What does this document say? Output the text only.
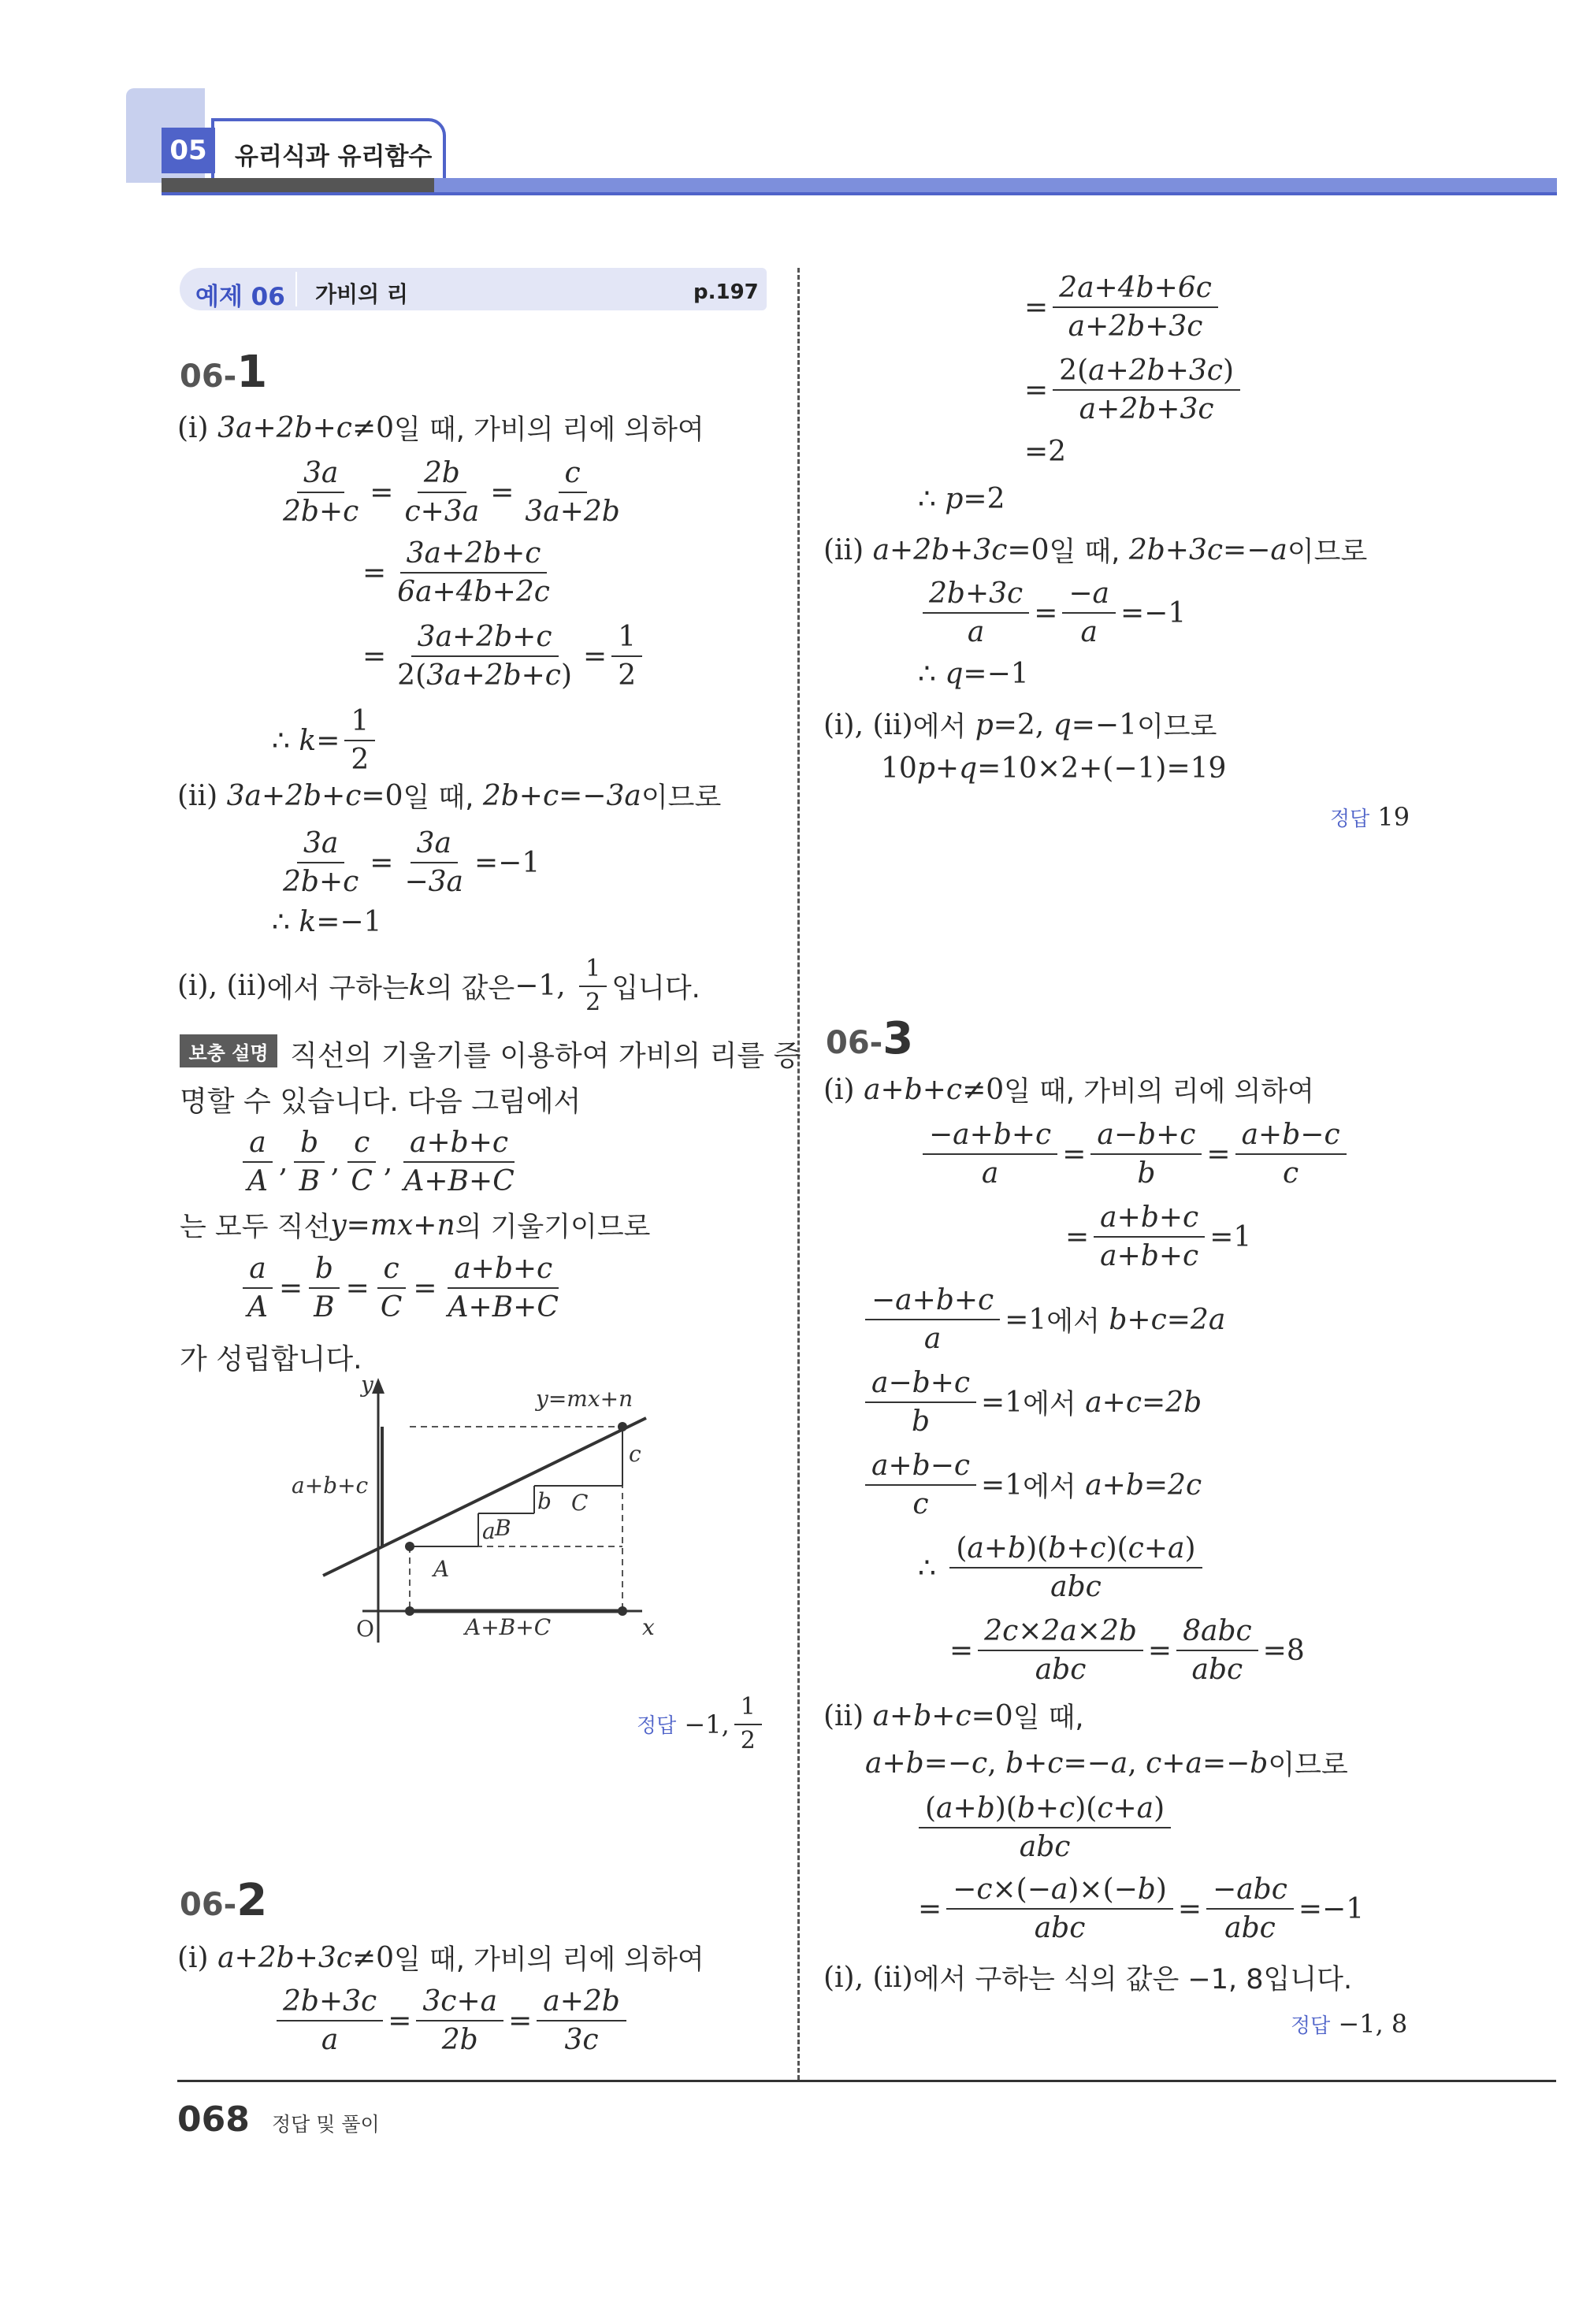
05	유리식과 유리함수
예제 06 가비의 리	p.197
06-1
(ⅰ)
3a + 2b + c ≠0 일 때, 가비의 리에 의하여
$\frac{3a}{2b+c} = \frac{2b}{c+3a} = \frac{c}{3a+2b}$
= $\frac{3a+2b+c}{6a+4b+2c}$
= $\frac{3a+2b+c}{2(3a+2b+c)} = \frac{1}{2}$
∴
$k = \frac{1}{2}$
(ⅱ)
3a + 2b + c =0 일 때,
2b + c =− 3a 이므로
$\frac{3a}{2b+c} = \frac{3a}{-3a} =-1$
∴
k =−1
(ⅰ), (ⅱ) 에서 구하는 k 의 값은 −1, $\frac{1}{2}$ 입니다.
보충 설명 직선의 기울기를 이용하여 가비의 리를 증
명할 수 있습니다. 다음 그림에서
$\frac{a}{A}$ , $\frac{b}{B}$ , $\frac{c}{C}$ , $\frac{a+b+c}{A+B+C}$
는 모두 직선 y = mx + n 의 기울기이므로
$\frac{a}{A} = \frac{b}{B} = \frac{c}{C} = \frac{a+b+c}{A+B+C}$
가 성립합니다.
y
x
O
y=mx+n
a+b+c
A+B+C
A
a B
b C
c
정답
−1, $\frac{1}{2}$
06-2
(ⅰ)
a + 2b + 3c ≠0 일 때, 가비의 리에 의하여
$\frac{2b+3c}{a} = \frac{3c+a}{2b} = \frac{a+2b}{3c}$
= $\frac{2a+4b+6c}{a+2b+3c}$
= $\frac{2(a+2b+3c)}{a+2b+3c}$
=2
∴
p =2
(ⅱ)
a + 2b + 3c =0 일 때,
2b + 3c =− a 이므로
$\frac{2b+3c}{a} = \frac{-a}{a} =-1$
∴
q =−1
(ⅰ), (ⅱ) 에서
p =2, q =−1 이므로
10 p + q =10×2+(−1)=19
정답
19
06-3
(ⅰ)
a + b + c ≠0 일 때, 가비의 리에 의하여
$\frac{-a+b+c}{a} = \frac{a-b+c}{b} = \frac{a+b-c}{c}$
= $\frac{a+b+c}{a+b+c} =1$
$\frac{-a+b+c}{a} =1$ 에서
b + c = 2a
$\frac{a-b+c}{b} =1$ 에서
a + c = 2b
$\frac{a+b-c}{c} =1$ 에서
a + b = 2c
∴
$\frac{(a+b)(b+c)(c+a)}{\text{abc}}$
= $\frac{2c\times 2a\times 2b}{\text{abc}} = \frac{\text{8abc}}{\text{abc}} =8$
(ⅱ)
a + b + c =0 일 때,
a + b =− c , b + c =− a , c + a =− b 이므로
$\frac{(a+b)(b+c)(c+a)}{\text{abc}}$
= $\frac{-c\times(-a)\times(-b)}{\text{abc}} = \frac{\text{−abc}}{\text{abc}} =-1$
(ⅰ), (ⅱ) 에서 구하는 식의 값은 −1, 8입니다.
정답
−1, 8
068 정답 및 풀이
